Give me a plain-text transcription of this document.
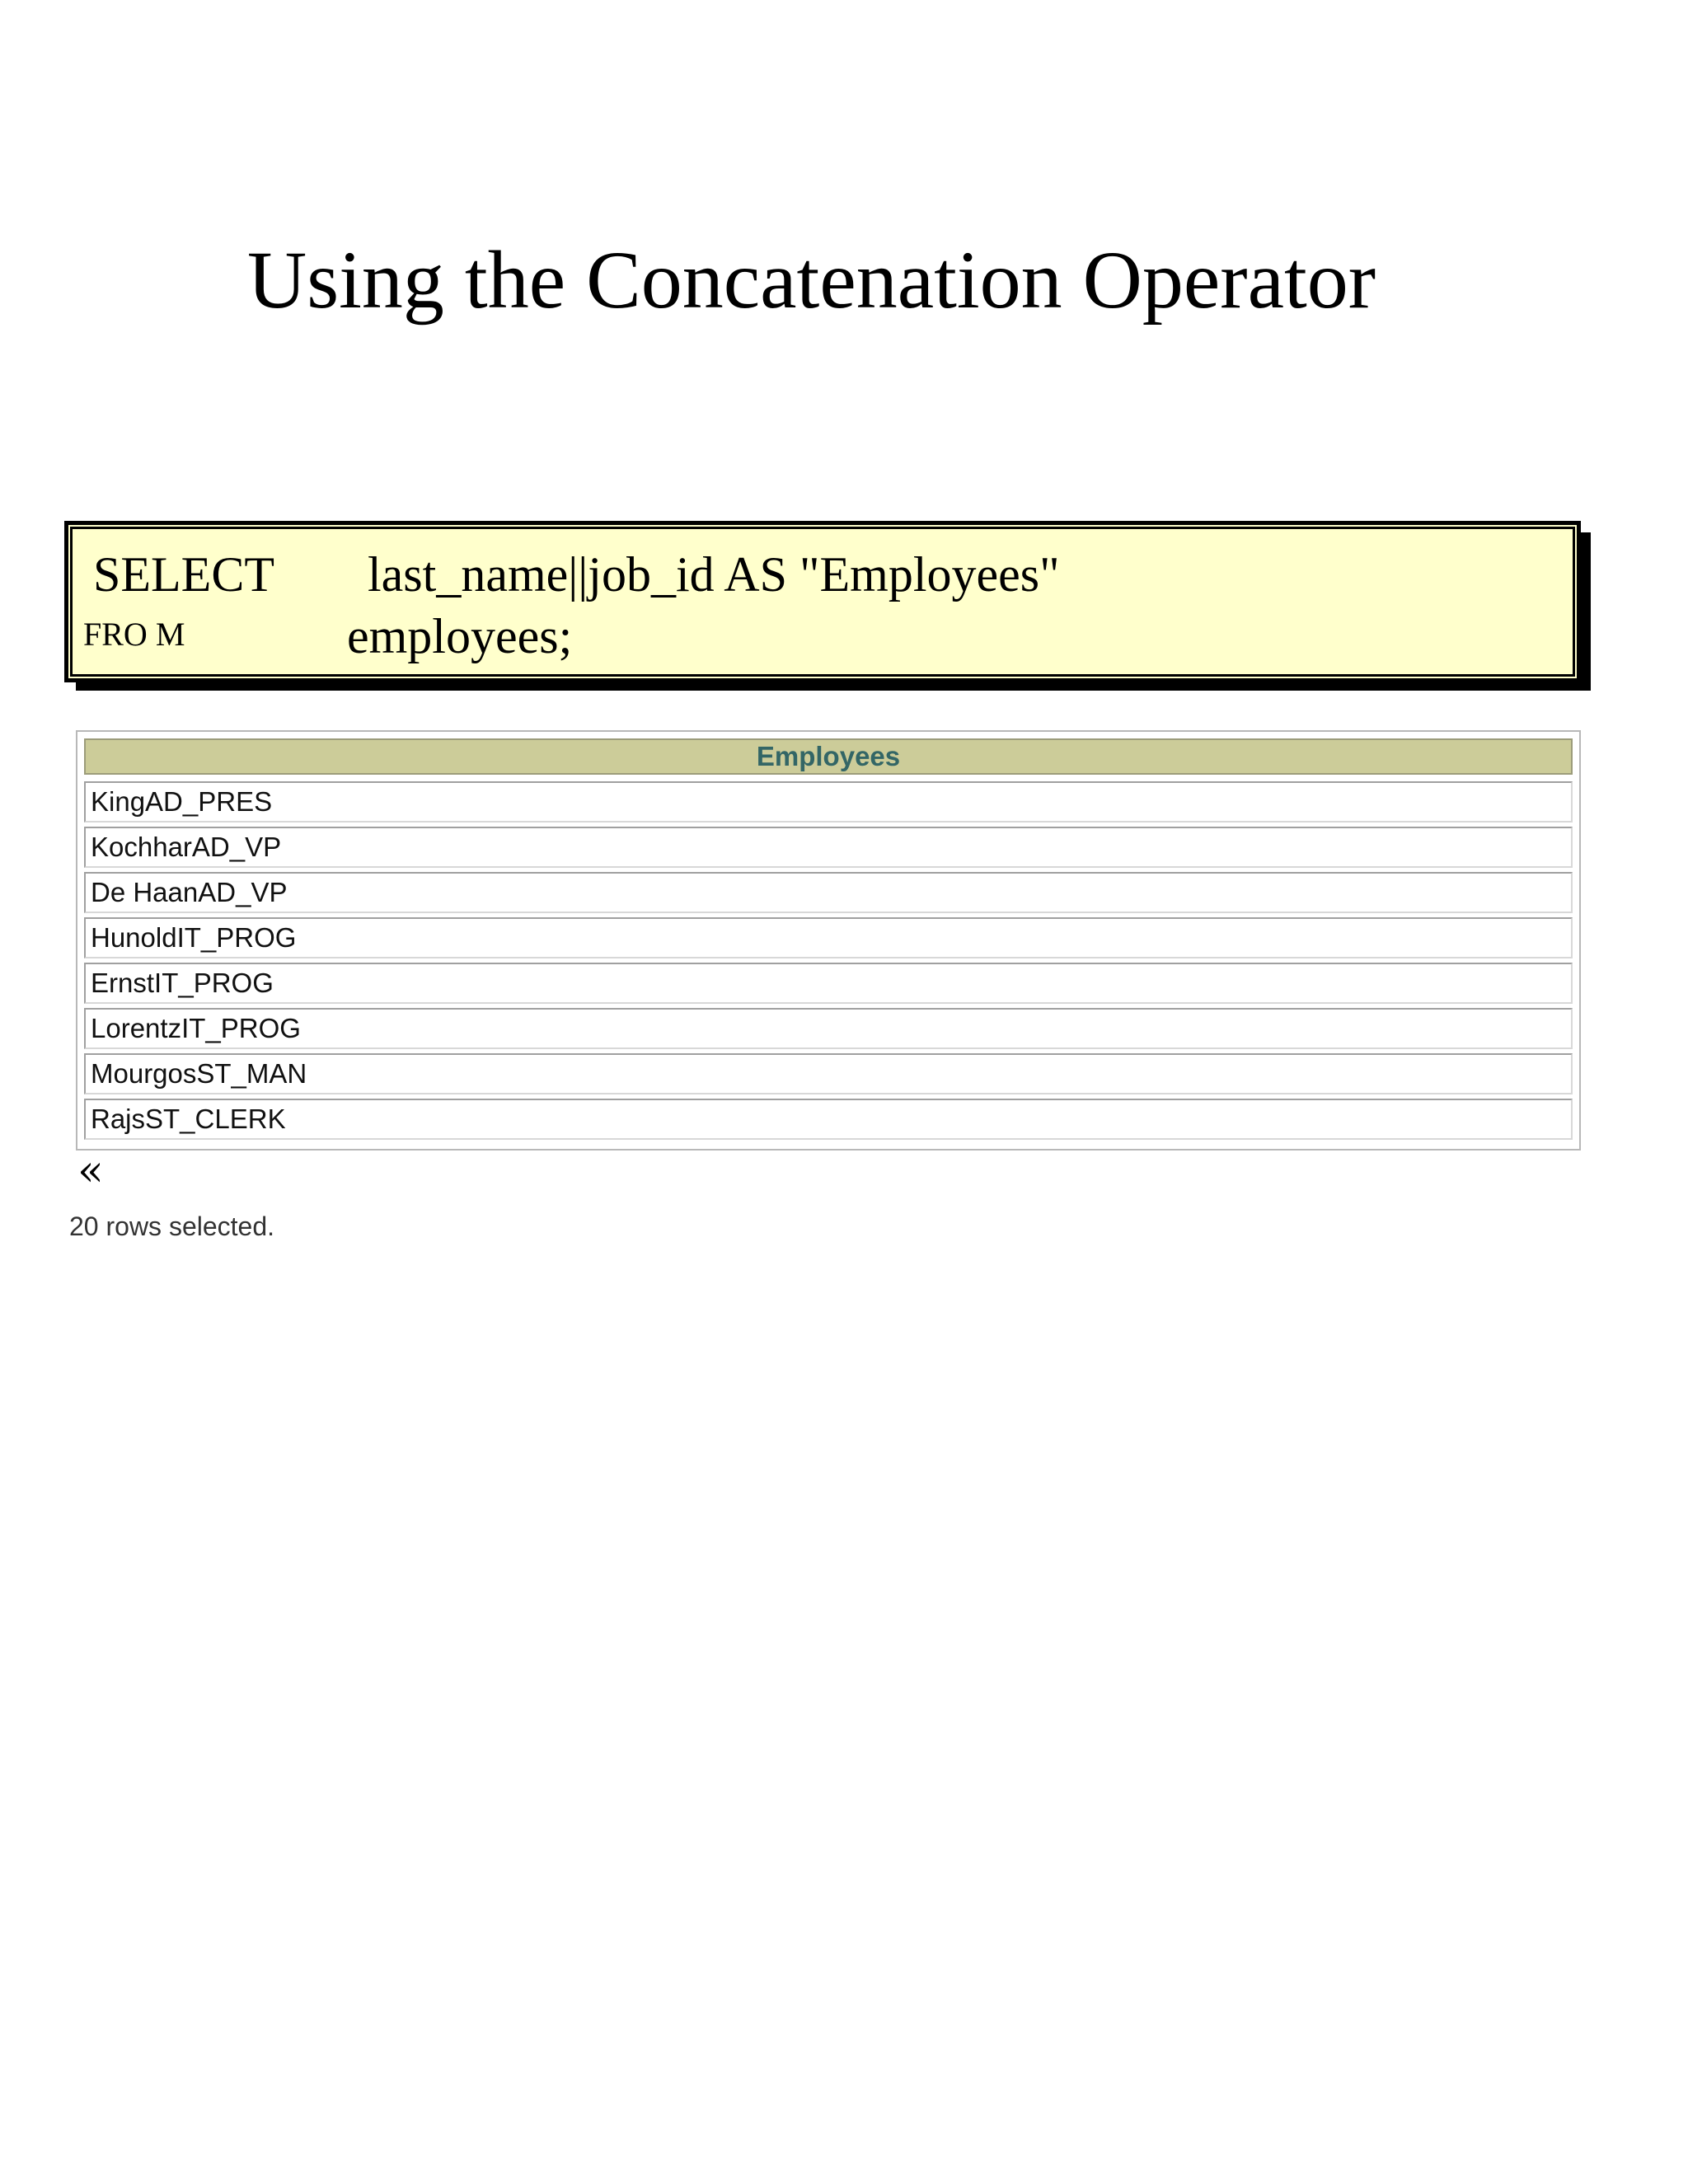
Using the Concatenation Operator
SELECT last_name||job_id AS "Employees"
FRO M	employees;
Employees
KingAD_PRES
KochharAD_VP
De HaanAD_VP
HunoldIT_PROG
ErnstIT_PROG
LorentzIT_PROG
MourgosST_MAN
RajsST_CLERK
«
20 rows selected.
